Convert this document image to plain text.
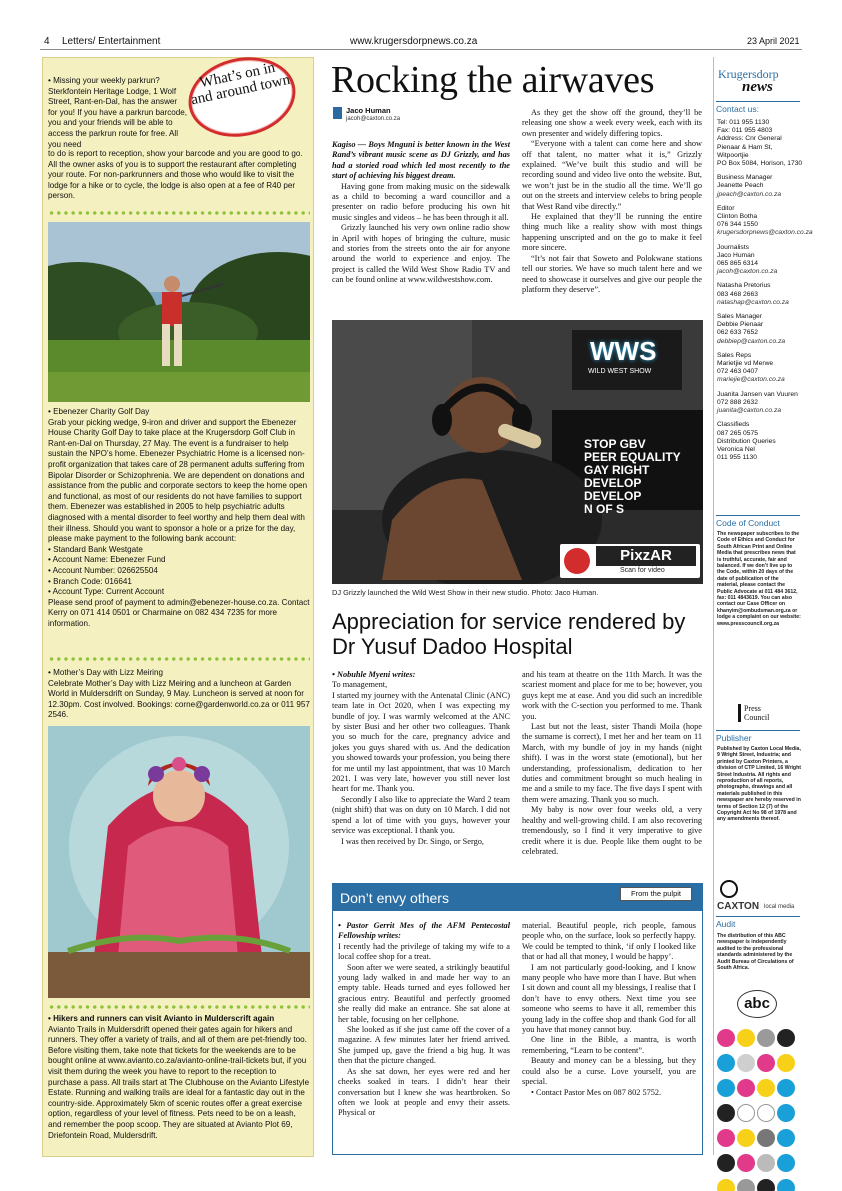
4 Letters/ Entertainment	www.krugersdorpnews.co.za	23 April 2021
What’s on in and around town

• Missing your weekly parkrun? Sterkfontein Heritage Lodge, 1 Wolf Street, Rant-en-Dal, has the answer for you! If you have a parkrun barcode, you and your friends will be able to access the parkrun route for free. All you need

• Ebenezer Charity Golf Day

Grab your picking wedge, 9-iron and driver and support the Ebenezer House Charity Golf Day to take place at the Krugersdorp Golf Club in Rant-en-Dal on Thursday, 27 May. The event is a fundraiser to help sustain the NPO’s home. Ebenezer Psychiatric Home is a licensed non-profit organization that takes care of 28 permanent adults suffering from Bipolar Disorder or Schizophrenia. We are dependent on donations and assistance from the public and corporate sectors to keep the home open and functional, as most of our residents do not have families to support them. Ebenezer was established in 2005 to help psychiatric adults diagnosed with a mental disorder to feel worthy and help them deal with their illness. Should you want to sponsor a hole or a prize for the day, please make payment to the following bank account:

• Standard Bank Westgate

• Account Name: Ebenezer Fund

• Account Number: 026625504

• Branch Code: 016641

• Account Type: Current Account

Please send proof of payment to admin@ebenezer-house.co.za. Contact Kerry on 071 414 0501 or Charmaine on 082 434 7235 for more information.

• Mother’s Day with Lizz Meiring

Celebrate Mother’s Day with Lizz Meiring and a luncheon at Garden World in Muldersdrift on Sunday, 9 May. Luncheon is served at noon for 12.30pm. Cost involved. Bookings: corne@gardenworld.co.za or 011 957 2546.

• Hikers and runners can visit Avianto in Mulderscrift again

Avianto Trails in Muldersdrift opened their gates again for hikers and runners. They offer a variety of trails, and all of them are pet-friendly too. Before visiting them, take note that tickets for the weekends are to be bought online at www.avianto.co.za/avianto-online-trail-tickets but, if you visit them during the week you have to report to the reception to purchase a pass. All trails start at The Clubhouse on the Avianto Lifestyle Estate. Running and walking trails are ideal for a fantastic day out in the country-side. Approximately 5km of scenic routes offer a great exercise option, regardless of your level of fitness. Pets need to be on a leash, and remember the poop scoop. They are situated at Avianto Plot 69, Driefontein Road, Muldersdrift.

Rocking the airwaves
Jaco Human
jacoh@caxton.co.za

Kagiso — Boys Mnguni is better known in the West Rand’s vibrant music scene as DJ Grizzly, and has had a storied road which led most recently to the start of achieving his biggest dream.

Having gone from making music on the sidewalk as a child to becoming a ward councillor and a presenter on radio before producing his own hit music singles and videos – he has been through it all.

Grizzly launched his very own online radio show in April with hopes of bringing the culture, music and stories from the streets onto the air for anyone around the world to experience and enjoy. The project is called the Wild West Show Radio TV and can be found online at www.wildwestshow.com.

As they get the show off the ground, they’ll be releasing one show a week every week, each with its own presenter and widely differing topics.

“Everyone with a talent can come here and show off that talent, no matter what it is,” Grizzly explained. “We’ve built this studio and will be recording sound and video live onto the website. But, we won’t just be in the studio all the time. We’ll go out on the streets and interview celebs to bring people that West Rand vibe directly.”

He explained that they’ll be running the entire thing much like a reality show with most things happening unscripted and on the go to make it feel more sincere.

“It’s not fair that Soweto and Polokwane stations tell our stories. We have so much talent here and we need to showcase it ourselves and give our people the platform they deserve”.

WWS
WILD WEST SHOW
STOP GBV
PEER EQUALITY
GAY RIGHT
DEVELOP
DEVELOP
N OF S
PixzAR
Scan for video
DJ Grizzly launched the Wild West Show in their new studio. Photo: Jaco Human.
Appreciation for service rendered by Dr Yusuf Dadoo Hospital

• Nobuhle Myeni writes:

To management,

I started my journey with the Antenatal Clinic (ANC) team late in Oct 2020, when I was expecting my bundle of joy. I was warmly welcomed at the ANC by sister Busi and her other two colleagues. Thank you so much for the care, pregnancy advice and jokes you guys shared with us. And the dedication you showed towards your profession, you being there for me until my last appointment, that was 10 March 2021. I was very late, however you still never lost heart for me. Thank you.

Secondly I also like to appreciate the Ward 2 team (night shift) that was on duty on 10 March. I did not spend a lot of time with you guys, however your service was exceptional. I thank you.

I was then received by Dr. Singo, or Sergo,

and his team at theatre on the 11th March. It was the scariest moment and place for me to be; however, you guys kept me at ease. And you did such an incredible work with the C-section you performed to me. Thank you.

Last but not the least, sister Thandi Moila (hope the surname is correct), I met her and her team on 11 March, with my bundle of joy in my hands (night shift). I was in the worst state (emotional), but her understanding, professionalism, dedication to her duties and commitment brought so much healing in me and a smile to my face. The five days I spent with them were amazing. Thank you so much.

My baby is now over four weeks old, a very healthy and well-growing child. I am also recovering tremendously, so I find it very imperative to give credit where it is due. People like them ought to be celebrated.

Don’t envy others	From the pulpit

• Pastor Gerrit Mes of the AFM Pentecostal Fellowship writes:

I recently had the privilege of taking my wife to a local coffee shop for a treat.

Soon after we were seated, a strikingly beautiful young lady walked in and made her way to an empty table. Heads turned and eyes followed her gracious entry. Beautiful and perfectly groomed she really did make an entrance. She sat alone at her table, focusing on her cellphone.

She looked as if she just came off the cover of a magazine. A few minutes later her friend arrived. She jumped up, gave the friend a big hug. It was then that the picture changed.

As she sat down, her eyes were red and her cheeks soaked in tears. I didn’t hear their conversation but I knew she was heartbroken. So often we look at people and envy their assets. Physical or

material. Beautiful people, rich people, famous people who, on the surface, look so perfectly happy. We could be tempted to think, ‘if only I looked like that or had all that money, I would be happy’.

I am not particularly good-looking, and I know many people who have more than I have. But when I sit down and count all my blessings, I realise that I don’t have to envy others. Next time you see someone who seems to have it all, remember this young lady in the coffee shop and thank God for all you have that money cannot buy.

One line in the Bible, a mantra, is worth remembering, “Learn to be content”.

Beauty and money can be a blessing, but they could also be a curse. Love yourself, you are special.

• Contact Pastor Mes on 087 802 5752.

Krugersdorp
news
Contact us:
Tel: 011 955 1130
Fax: 011 955 4803
Address: Cnr General Pienaar & Ham St, Witpoortjie
PO Box 5084, Horison, 1730
Business Manager
Jeanette Peach
jpeach@caxton.co.za
Editor
Clinton Botha
076 344 1550
krugersdorpnews@caxton.co.za
Journalists
Jaco Human
065 865 6314
jacoh@caxton.co.za
Natasha Pretorius
083 468 2663
natashap@caxton.co.za
Sales Manager
Debbie Pienaar
062 633 7652
debbiep@caxton.co.za
Sales Reps
Marietjie vd Merwe
072 463 0407
mariejie@caxton.co.za
Juanita Jansen van Vuuren
072 888 2632
juanita@caxton.co.za
Classifieds
087 265 0575
Distribution Queries
Veronica Nel
011 955 1130
Code of Conduct
The newspaper subscribes to the Code of Ethics and Conduct for South African Print and Online Media that prescribes news that is truthful, accurate, fair and balanced. If we don’t live up to the Code, within 20 days of the date of publication of the material, please contact the Public Advocate at 011 484 3612, fax: 011 4843619. You can also contact our Case Officer on khanyim@ombudsman.org.za or lodge a complaint on our website: www.presscouncil.org.za
Press Council
Publisher
Published by Caxton Local Media, 9 Wright Street, Industria; and printed by Caxton Printers, a division of CTP Limited, 16 Wright Street Industria. All rights and reproduction of all reports, photographs, drawings and all materials published in this newspaper are hereby reserved in terms of Section 12 (7) of the Copyright Act No 98 of 1978 and any amendments thereof.
CAXTON local media
Audit
The distribution of this ABC newspaper is independently audited to the professional standards administered by the Audit Bureau of Circulations of South Africa.
abc
to do is report to reception, show your barcode and you are good to go. All the owner asks of you is to support the restaurant after completing your route. For non-parkrunners and those who would like to visit the lodge for a hike or to cycle, the lodge is also open at a fee of R40 per person.
